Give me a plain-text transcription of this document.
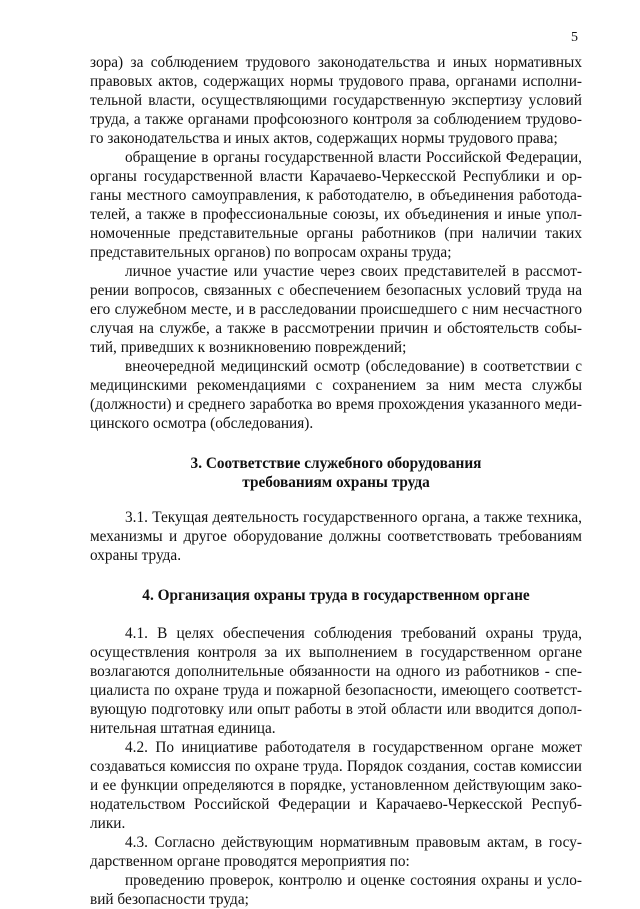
5

зора) за соблюдением трудового законодательства и иных нормативных
правовых актов, содержащих нормы трудового права, органами исполни-
тельной власти, осуществляющими государственную экспертизу условий
труда, а также органами профсоюзного контроля за соблюдением трудово-
го законодательства и иных актов, содержащих нормы трудового права;

обращение в органы государственной власти Российской Федерации,
органы государственной власти Карачаево-Черкесской Республики и ор-
ганы местного самоуправления, к работодателю, в объединения работода-
телей, а также в профессиональные союзы, их объединения и иные упол-
номоченные представительные органы работников (при наличии таких
представительных органов) по вопросам охраны труда;

личное участие или участие через своих представителей в рассмот-
рении вопросов, связанных с обеспечением безопасных условий труда на
его служебном месте, и в расследовании происшедшего с ним несчастного
случая на службе, а также в рассмотрении причин и обстоятельств собы-
тий, приведших к возникновению повреждений;

внеочередной медицинский осмотр (обследование) в соответствии с
медицинскими рекомендациями с сохранением за ним места службы
(должности) и среднего заработка во время прохождения указанного меди-
цинского осмотра (обследования).

3. Соответствие служебного оборудования
требованиям охраны труда

3.1. Текущая деятельность государственного органа, а также техника,
механизмы и другое оборудование должны соответствовать требованиям
охраны труда.

4. Организация охраны труда в государственном органе

4.1. В целях обеспечения соблюдения требований охраны труда,
осуществления контроля за их выполнением в государственном органе
возлагаются дополнительные обязанности на одного из работников - спе-
циалиста по охране труда и пожарной безопасности, имеющего соответст-
вующую подготовку или опыт работы в этой области или вводится допол-
нительная штатная единица.

4.2. По инициативе работодателя в государственном органе может
создаваться комиссия по охране труда. Порядок создания, состав комиссии
и ее функции определяются в порядке, установленном действующим зако-
нодательством Российской Федерации и Карачаево-Черкесской Респуб-
лики.

4.3. Согласно действующим нормативным правовым актам, в госу-
дарственном органе проводятся мероприятия по:

проведению проверок, контролю и оценке состояния охраны и усло-
вий безопасности труда;
